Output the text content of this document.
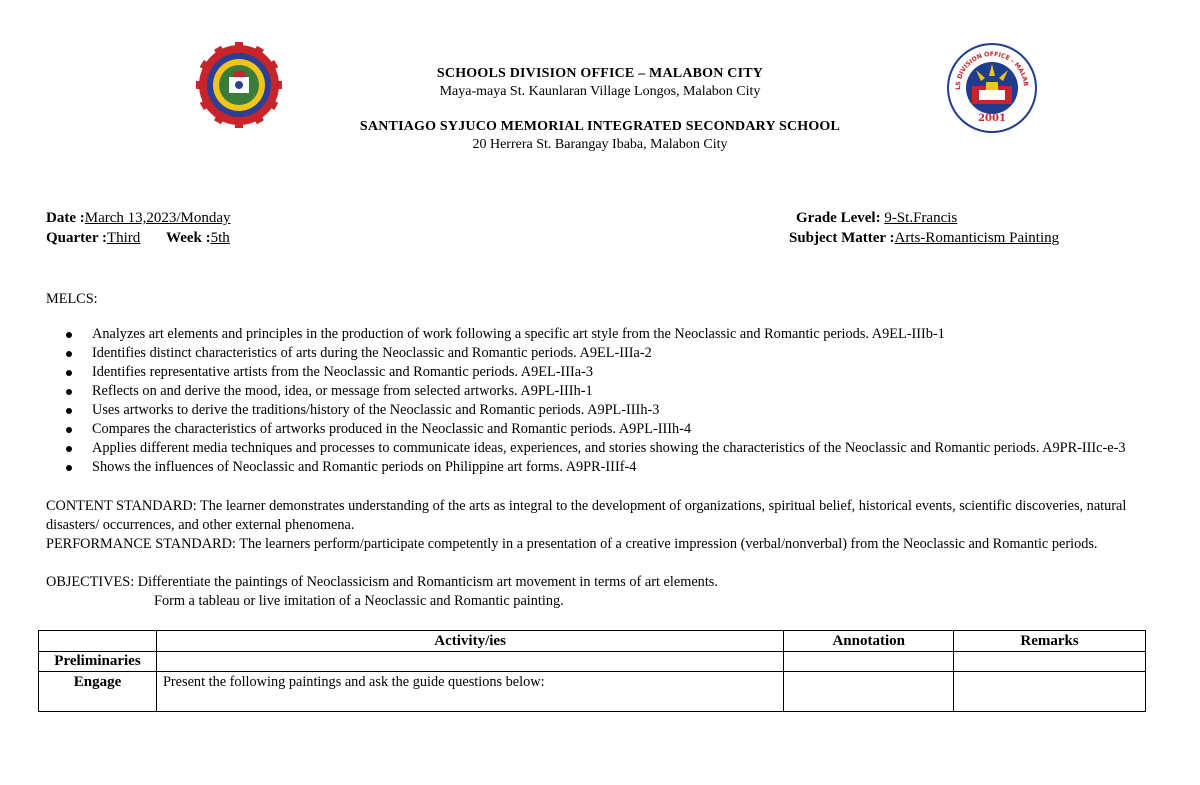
LS DIVISION OFFICE - MALAB
2001
SCHOOLS DIVISION OFFICE – MALABON CITY
Maya-maya St. Kaunlaran Village Longos, Malabon City
SANTIAGO SYJUCO MEMORIAL INTEGRATED SECONDARY SCHOOL
20 Herrera St. Barangay Ibaba, Malabon City
Date :March 13,2023/Monday
Quarter :Third Week :5th
Grade Level: 9-St.Francis
Subject Matter :Arts-Romanticism Painting
MELCS:
Analyzes art elements and principles in the production of work following a specific art style from the Neoclassic and Romantic periods. A9EL-IIIb-1
Identifies distinct characteristics of arts during the Neoclassic and Romantic periods. A9EL-IIIa-2
Identifies representative artists from the Neoclassic and Romantic periods. A9EL-IIIa-3
Reflects on and derive the mood, idea, or message from selected artworks. A9PL-IIIh-1
Uses artworks to derive the traditions/history of the Neoclassic and Romantic periods. A9PL-IIIh-3
Compares the characteristics of artworks produced in the Neoclassic and Romantic periods. A9PL-IIIh-4
Applies different media techniques and processes to communicate ideas, experiences, and stories showing the characteristics of the Neoclassic and Romantic periods. A9PR-IIIc-e-3
Shows the influences of Neoclassic and Romantic periods on Philippine art forms. A9PR-IIIf-4
CONTENT STANDARD: The learner demonstrates understanding of the arts as integral to the development of organizations, spiritual belief, historical events, scientific discoveries, natural disasters/ occurrences, and other external phenomena.
PERFORMANCE STANDARD: The learners perform/participate competently in a presentation of a creative impression (verbal/nonverbal) from the Neoclassic and Romantic periods.
OBJECTIVES: Differentiate the paintings of Neoclassicism and Romanticism art movement in terms of art elements.
Form a tableau or live imitation of a Neoclassic and Romantic painting.
	Activity/ies	Annotation	Remarks
Preliminaries			
Engage	Present the following paintings and ask the guide questions below:		
